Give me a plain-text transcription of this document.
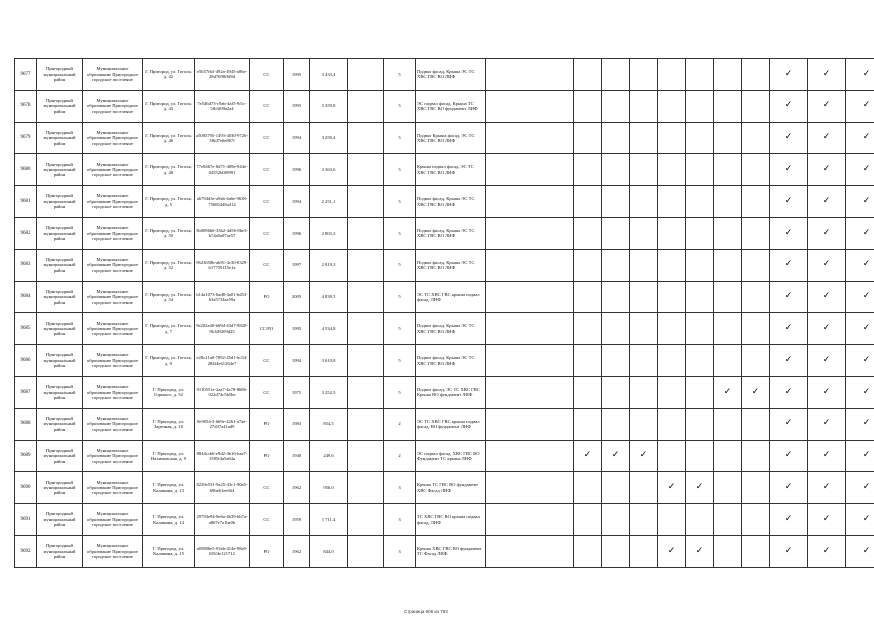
9677	Пригородный муниципальный район	Муниципальное образование Пригородное городское поселение	Г. Пригород, ул. Гоголя, д. 42	e5b57fb3-492a-4945-a86e-28d7698f6f8d	СС	1995	3 433,4		5	Подвал фасад, Крыша ЭС ТС ХВС ГВС ВО ЛИФ									✓	✓	✓
9678	Пригородный муниципальный район	Муниципальное образование Пригородное городское поселение	Г. Пригород, ул. Гоголя, д. 43	7e546d73-c9ab-4af5-9f1c-5fb3f09a2a4	СС	1993	3 359,8		5	ЭС подвал фасад, Крыша ТС ХВС ГВС ВО фундамент ЛИФ									✓	✓	✓
9679	Пригородный муниципальный район	Муниципальное образование Пригородное городское поселение	Г. Пригород, ул. Гоголя, д. 46	a5083795-1493-4030-9726-3f6d7e6e867f	СС	1994	3 250,4		5	Подвал Крыша фасад, ЭС ТС ХВС ГВС ВО ЛИФ									✓	✓	✓
9680	Пригородный муниципальный район	Муниципальное образование Пригородное городское поселение	Г. Пригород, ул. Гоголя, д. 48	77e8467e-8d71-409e-944e-04552b0f8991	СС	1996	3 363,6		5	Крыша подвал фасад, ЭС ТС ХВС ГВС ВО ЛИФ									✓	✓	✓
9681	Пригородный муниципальный район	Муниципальное образование Пригородное городское поселение	Г. Пригород, ул. Гоголя, д. 5	a6794d3e-a9ab-4a6e-9638-75685448a414	СС	1994	2 251,1		5	Подвал фасад, Крыша ЭС ТС ХВС ГВС ВО ЛИФ									✓	✓	✓
9682	Пригородный муниципальный район	Муниципальное образование Пригородное городское поселение	Г. Пригород, ул. Гоголя, д. 50	5b0096b6-33b2-4d56-8be3-b74a0a07ae57	СС	1996	2 803,3		5	Подвал фасад, Крыша ЭС ТС ХВС ГВС ВО ЛИФ									✓	✓	✓
9683	Пригородный муниципальный район	Муниципальное образование Пригородное городское поселение	Г. Пригород, ул. Гоголя, д. 52	9623658b-ab91-4c30-8329-b17759115e1a	СС	1997	2 819,3		5	Подвал фасад, Крыша ЭС ТС ХВС ГВС ВО ЛИФ									✓	✓	✓
9684	Пригородный муниципальный район	Муниципальное образование Пригородное городское поселение	Г. Пригород, ул. Гоголя, д. 54	b14a1073-6ad8-4a01-bd53-63a5734ae59a	РО	2005	4 839,5		5	ЭС ТС ХВС ГВС крыша подвал фасад, ЛИФ									✓	✓	✓
9685	Пригородный муниципальный район	Муниципальное образование Пригородное городское поселение	Г. Пригород, ул. Гоголя, д. 7	9e202a40-b69d-43d7-9820-9b1d9209d25	СС/РО	1995	4 534,8		5	Подвал фасад, Крыша ЭС ТС ХВС ГВС ВО ЛИФ									✓	✓	✓
9686	Пригородный муниципальный район	Муниципальное образование Пригородное городское поселение	Г. Пригород, ул. Гоголя, д. 9	e28c21a0-7092-45d1-bc54-284f4e61264e7	СС	1994	3 610,8		5	Подвал фасад, Крыша ЭС ТС ХВС ГВС ВО ЛИФ									✓	✓	✓
9687	Пригородный муниципальный район	Муниципальное образование Пригородное городское поселение	Г. Пригород, ул. Горького, д. 32	0110551e-2aa7-4a78-8686-022d74c5b5be	СС	1975	3 252,5		5	Подвал фасад, ЭС ТС ХВС ГВС Крыша ВО фундамент ЛИФ							✓	✓	✓	✓	✓
9688	Пригородный муниципальный район	Муниципальное образование Пригородное городское поселение	Г. Пригород, ул. Заречная, д. 10	8e905fc3-669e-4261-a7ae-27d37a41ad9	РО	1983	854,5		2	ЭС ТС ХВС ГВС крыша подвал фасад, ВО фундамент ЛИФ									✓	✓	✓
9689	Пригородный муниципальный район	Муниципальное образование Пригородное городское поселение	Г. Пригород, ул. Нахимовская, д. 9	8844ccb6-e9d2-4b16-bae7-1585f4a5a64a	РО	1940	249,6		2	ЭС подвал фасад, ХВС ГВС ВО Фундамент ТС крыша ЛИФ		✓	✓	✓					✓	✓	✓
9690	Пригородный муниципальный район	Муниципальное образование Пригородное городское поселение	Г. Пригород, ул. Калинина, д. 13	8229e531-9a25-43c1-90a5-69be61ee664	СС	1962	956,0		3	Крыша ТС ГВС ВО фундамент ХВС Фасад ЛИФ					✓	✓			✓	✓	✓
9691	Пригородный муниципальный район	Муниципальное образование Пригородное городское поселение	Г. Пригород, ул. Калинина, д. 14	29794e94-8e6a-4b39-bb7a-a867e7a1be0b	СС	1959	1 711,4		3	ТС ХВС ГВС ВО крыша подвал фасад, ЛИФ									✓	✓	✓
9692	Пригородный муниципальный район	Муниципальное образование Пригородное городское поселение	Г. Пригород, ул. Калинина, д. 15	a85886e5-93eb-414e-98a9-0f5f4e121712	РО	1962	844,0		3	Крыша ХВС ГВС ВО фундамент ТС Фасад ЛИФ					✓	✓			✓	✓	✓
Страница 606 из 753
